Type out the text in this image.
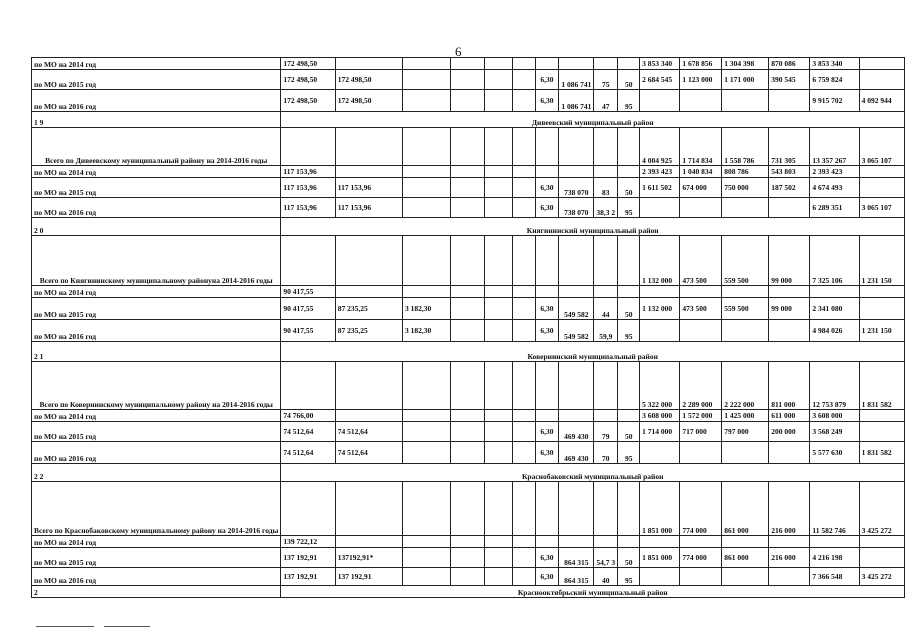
6
по МО на 2014 год	172 498,50										3 853 340	1 678 856	1 304 398	870 086	3 853 340	
по МО на 2015 год	172 498,50	172 498,50					6,30	1 086 741	75	50	2 684 545	1 123 000	1 171 000	390 545	6 759 824	
по МО на 2016 год	172 498,50	172 498,50					6,30	1 086 741	47	95					9 915 702	4 092 944
1 9	Дивеевский муниципальный район															
Всего по Дивеевскому муниципальный району на 2014-2016 годы											4 004 925	1 714 834	1 558 786	731 305	13 357 267	3 065 107
по МО на 2014 год	117 153,96										2 393 423	1 040 834	808 786	543 803	2 393 423	
по МО на 2015 год	117 153,96	117 153,96					6,30	738 070	83	50	1 611 502	674 000	750 000	187 502	4 674 493	
по МО на 2016 год	117 153,96	117 153,96					6,30	738 070	38,3 2	95					6 289 351	3 065 107
2 0	Княгининский муниципальный район															
Всего по Княгининскому муниципальному районуна 2014-2016 годы											1 132 000	473 500	559 500	99 000	7 325 106	1 231 150
по МО на 2014 год	90 417,55															
по МО на 2015 год	90 417,55	87 235,25	3 182,30				6,30	549 582	44	50	1 132 000	473 500	559 500	99 000	2 341 080	
по МО на 2016 год	90 417,55	87 235,25	3 182,30				6,30	549 582	59,9	95					4 984 026	1 231 150
2 1	Ковернинский муниципальный район															
Всего по Ковернинскому муниципальному району на 2014-2016 годы											5 322 000	2 289 000	2 222 000	811 000	12 753 879	1 831 582
по МО на 2014 год	74 766,00										3 608 000	1 572 000	1 425 000	611 000	3 608 000	
по МО на 2015 год	74 512,64	74 512,64					6,30	469 430	79	50	1 714 000	717 000	797 000	200 000	3 568 249	
по МО на 2016 год	74 512,64	74 512,64					6,30	469 430	70	95					5 577 630	1 831 582
2 2	Краснобаковский муниципальный район															
Всего по Краснобаковскому муниципальному району на 2014-2016 годы											1 851 000	774 000	861 000	216 000	11 582 746	3 425 272
по МО на 2014 год	139 722,12															
по МО на 2015 год	137 192,91	137192,91*					6,30	864 315	54,7 3	50	1 851 000	774 000	861 000	216 000	4 216 198	
по МО на 2016 год	137 192,91	137 192,91					6,30	864 315	40	95					7 366 548	3 425 272
2	Краснооктябрьский муниципальный район															
